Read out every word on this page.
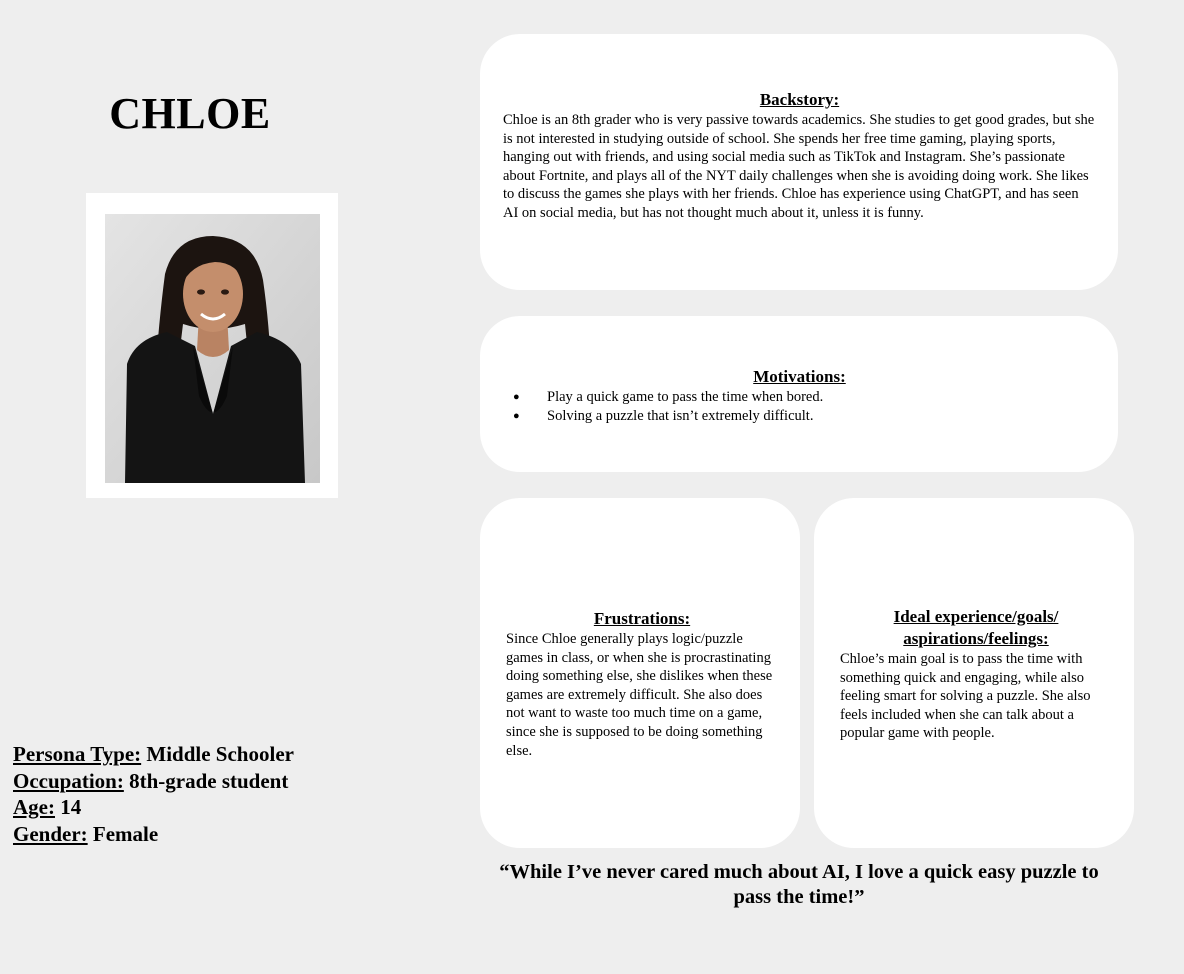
CHLOE
Persona Type: Middle Schooler
Occupation: 8th-grade student
Age: 14
Gender: Female
Backstory:

Chloe is an 8th grader who is very passive towards academics. She studies to get good grades, but she is not interested in studying outside of school. She spends her free time gaming, playing sports, hanging out with friends, and using social media such as TikTok and Instagram. She’s passionate about Fortnite, and plays all of the NYT daily challenges when she is avoiding doing work. She likes to discuss the games she plays with her friends. Chloe has experience using ChatGPT, and has seen AI on social media, but has not thought much about it, unless it is funny.

Motivations:
● Play a quick game to pass the time when bored.
● Solving a puzzle that isn’t extremely difficult.
Frustrations:

Since Chloe generally plays logic/puzzle games in class, or when she is procrastinating doing something else, she dislikes when these games are extremely difficult. She also does not want to waste too much time on a game, since she is supposed to be doing something else.

Ideal experience/goals/ aspirations/feelings:

Chloe’s main goal is to pass the time with something quick and engaging, while also feeling smart for solving a puzzle. She also feels included when she can talk about a popular game with people.

“While I’ve never cared much about AI, I love a quick easy puzzle to pass the time!”
